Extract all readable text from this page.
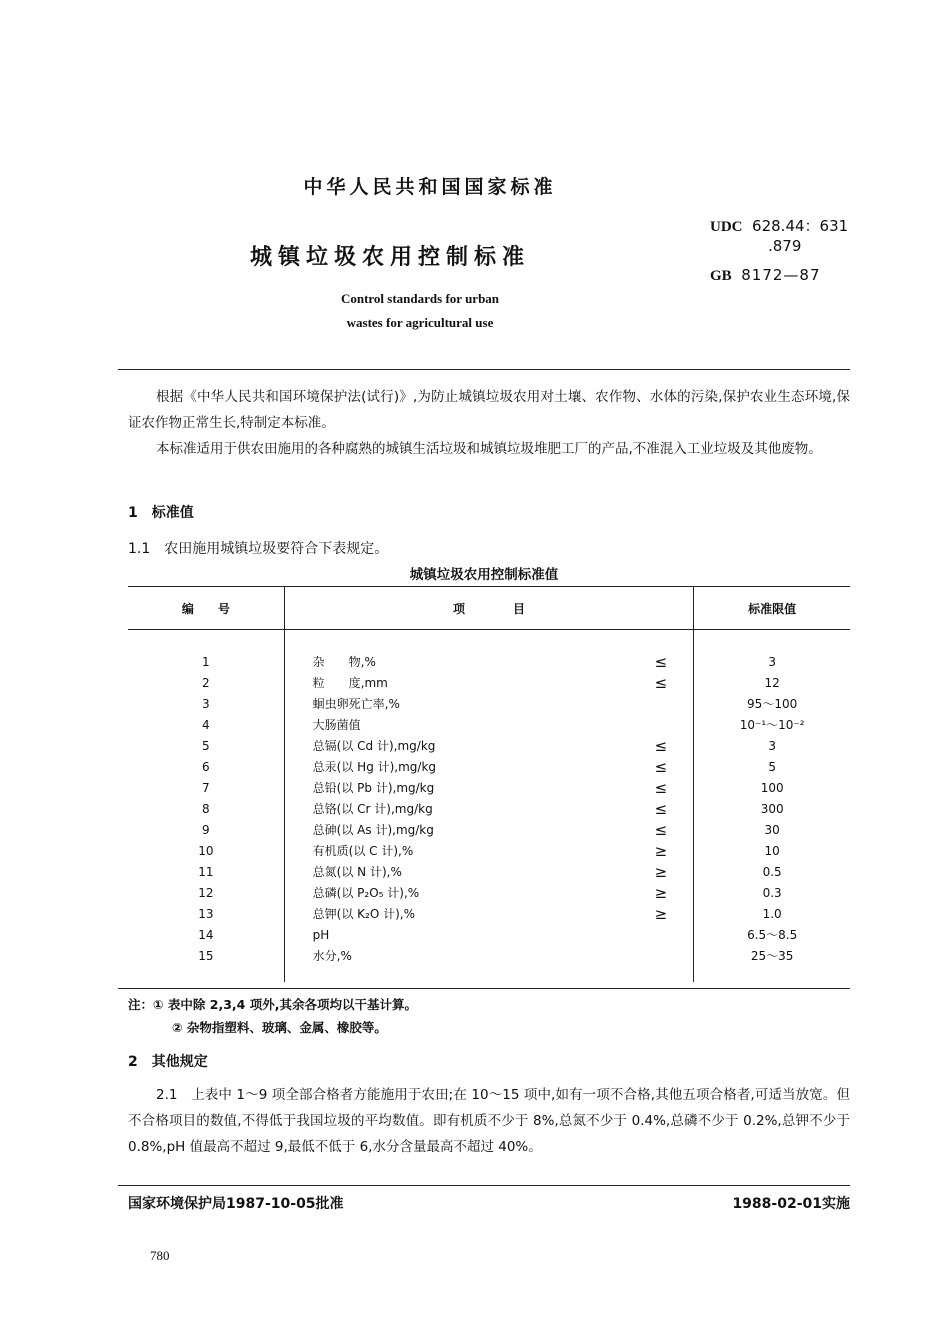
中华人民共和国国家标准
城镇垃圾农用控制标准
Control standards for urban
wastes for agricultural use
UDC 628.44：631
.879
GB 8172—87
根据《中华人民共和国环境保护法(试行)》,为防止城镇垃圾农用对土壤、农作物、水体的污染,保护农业生态环境,保证农作物正常生长,特制定本标准。
本标准适用于供农田施用的各种腐熟的城镇生活垃圾和城镇垃圾堆肥工厂的产品,不准混入工业垃圾及其他废物。
1　标准值
1.1　农田施用城镇垃圾要符合下表规定。
城镇垃圾农用控制标准值
编　　号	项　　　　目		标准限值

1	杂　　物,%	≤	3
2	粒　　度,mm	≤	12
3	蛔虫卵死亡率,%		95～100
4	大肠菌值		10⁻¹～10⁻²
5	总镉(以 Cd 计),mg/kg	≤	3
6	总汞(以 Hg 计),mg/kg	≤	5
7	总铅(以 Pb 计),mg/kg	≤	100
8	总铬(以 Cr 计),mg/kg	≤	300
9	总砷(以 As 计),mg/kg	≤	30
10	有机质(以 C 计),%	≥	10
11	总氮(以 N 计),%	≥	0.5
12	总磷(以 P₂O₅ 计),%	≥	0.3
13	总钾(以 K₂O 计),%	≥	1.0
14	pH		6.5～8.5
15	水分,%		25～35

注：① 表中除 2,3,4 项外,其余各项均以干基计算。
② 杂物指塑料、玻璃、金属、橡胶等。
2　其他规定
2.1　上表中 1～9 项全部合格者方能施用于农田;在 10～15 项中,如有一项不合格,其他五项合格者,可适当放宽。但不合格项目的数值,不得低于我国垃圾的平均数值。即有机质不少于 8%,总氮不少于 0.4%,总磷不少于 0.2%,总钾不少于 0.8%,pH 值最高不超过 9,最低不低于 6,水分含量最高不超过 40%。
国家环境保护局1987-10-05批准	1988-02-01实施
780
